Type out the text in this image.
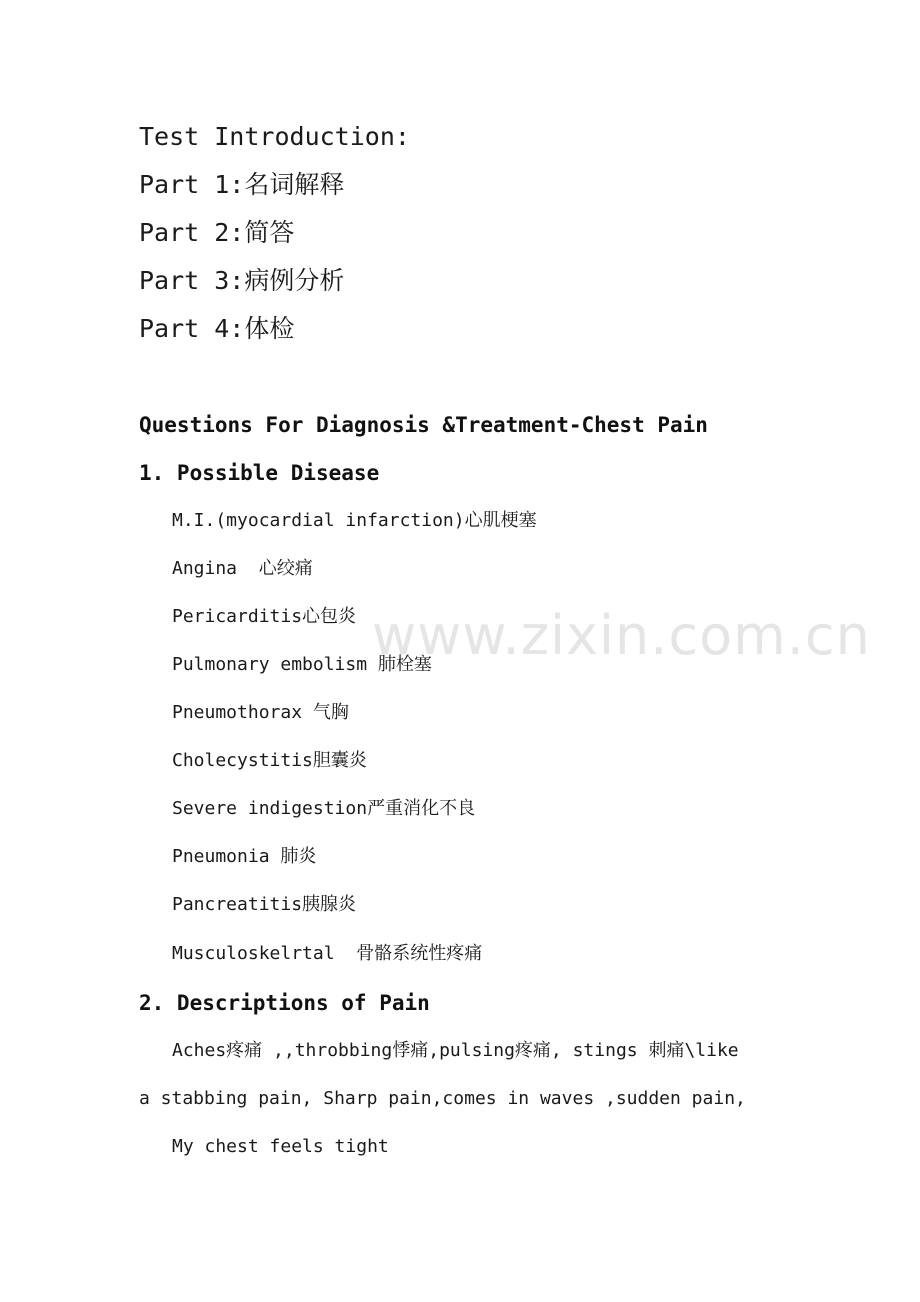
Test Introduction:
Part 1:名词解释
Part 2:简答
Part 3:病例分析
Part 4:体检
Questions For Diagnosis &Treatment-Chest Pain
1. Possible Disease
M.I.(myocardial infarction)心肌梗塞
Angina  心绞痛
Pericarditis心包炎
Pulmonary embolism 肺栓塞
Pneumothorax 气胸
Cholecystitis胆囊炎
Severe indigestion严重消化不良
Pneumonia 肺炎
Pancreatitis胰腺炎
Musculoskelrtal  骨骼系统性疼痛
2. Descriptions of Pain
Aches疼痛 ,,throbbing悸痛,pulsing疼痛, stings 刺痛\like
a stabbing pain, Sharp pain,comes in waves ,sudden pain,
My chest feels tight
www.zixin.com.cn
